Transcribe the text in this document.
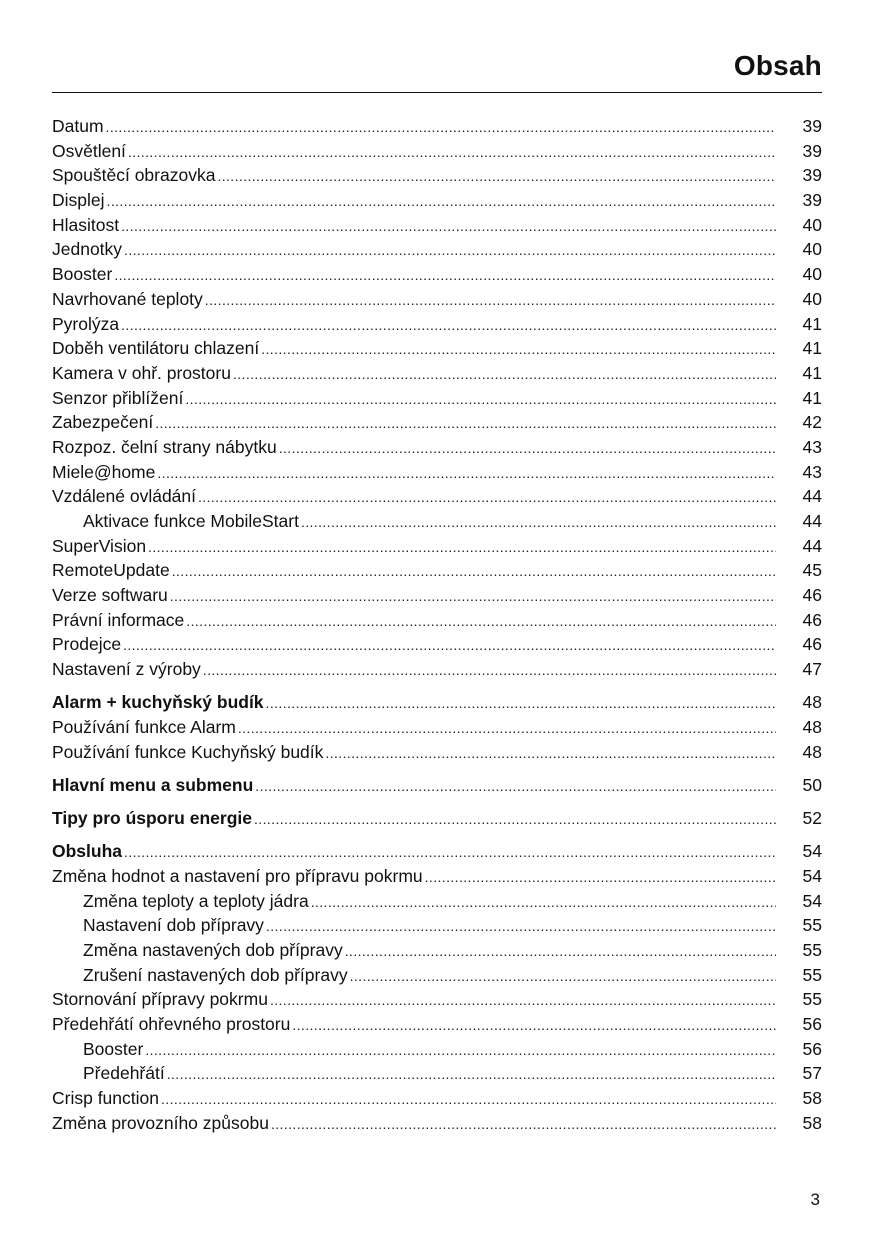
Obsah
Datum .....	39
Osvětlení .....	39
Spouštěcí obrazovka .....	39
Displej .....	39
Hlasitost .....	40
Jednotky .....	40
Booster .....	40
Navrhované teploty .....	40
Pyrolýza .....	41
Doběh ventilátoru chlazení .....	41
Kamera v ohř. prostoru .....	41
Senzor přiblížení .....	41
Zabezpečení .....	42
Rozpoz. čelní strany nábytku .....	43
Miele@home .....	43
Vzdálené ovládání .....	44
Aktivace funkce MobileStart .....	44
SuperVision .....	44
RemoteUpdate .....	45
Verze softwaru .....	46
Právní informace .....	46
Prodejce .....	46
Nastavení z výroby .....	47
Alarm + kuchyňský budík .....	48
Používání funkce Alarm .....	48
Používání funkce Kuchyňský budík .....	48
Hlavní menu a submenu .....	50
Tipy pro úsporu energie .....	52
Obsluha .....	54
Změna hodnot a nastavení pro přípravu pokrmu .....	54
Změna teploty a teploty jádra .....	54
Nastavení dob přípravy .....	55
Změna nastavených dob přípravy .....	55
Zrušení nastavených dob přípravy .....	55
Stornování přípravy pokrmu .....	55
Předehřátí ohřevného prostoru .....	56
Booster .....	56
Předehřátí .....	57
Crisp function .....	58
Změna provozního způsobu .....	58
3
